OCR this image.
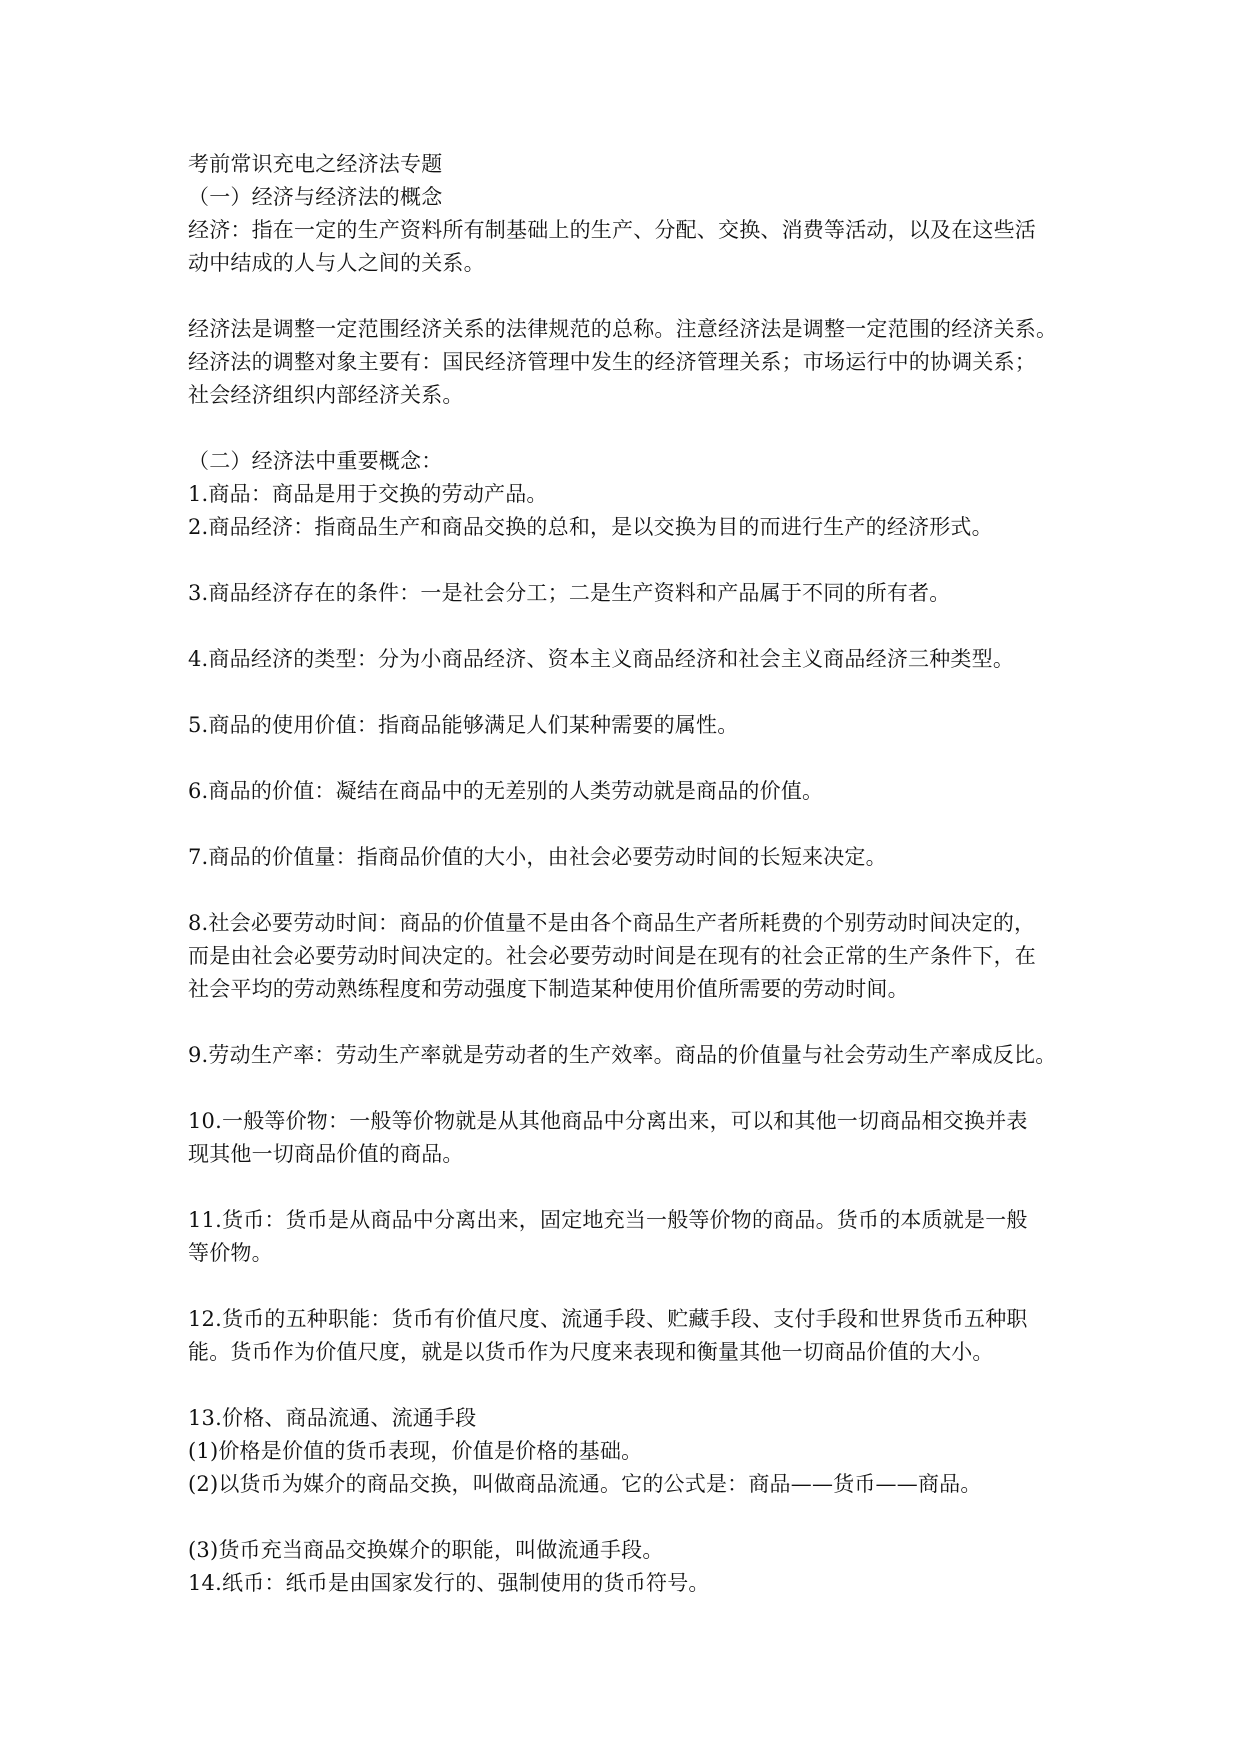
考前常识充电之经济法专题
（一）经济与经济法的概念
经济：指在一定的生产资料所有制基础上的生产、分配、交换、消费等活动，以及在这些活
动中结成的人与人之间的关系。
经济法是调整一定范围经济关系的法律规范的总称。注意经济法是调整一定范围的经济关系。
经济法的调整对象主要有：国民经济管理中发生的经济管理关系；市场运行中的协调关系；
社会经济组织内部经济关系。
（二）经济法中重要概念：
1.商品：商品是用于交换的劳动产品。
2.商品经济：指商品生产和商品交换的总和，是以交换为目的而进行生产的经济形式。
3.商品经济存在的条件：一是社会分工；二是生产资料和产品属于不同的所有者。
4.商品经济的类型：分为小商品经济、资本主义商品经济和社会主义商品经济三种类型。
5.商品的使用价值：指商品能够满足人们某种需要的属性。
6.商品的价值：凝结在商品中的无差别的人类劳动就是商品的价值。
7.商品的价值量：指商品价值的大小，由社会必要劳动时间的长短来决定。
8.社会必要劳动时间：商品的价值量不是由各个商品生产者所耗费的个别劳动时间决定的，
而是由社会必要劳动时间决定的。社会必要劳动时间是在现有的社会正常的生产条件下，在
社会平均的劳动熟练程度和劳动强度下制造某种使用价值所需要的劳动时间。
9.劳动生产率：劳动生产率就是劳动者的生产效率。商品的价值量与社会劳动生产率成反比。
10.一般等价物：一般等价物就是从其他商品中分离出来，可以和其他一切商品相交换并表
现其他一切商品价值的商品。
11.货币：货币是从商品中分离出来，固定地充当一般等价物的商品。货币的本质就是一般
等价物。
12.货币的五种职能：货币有价值尺度、流通手段、贮藏手段、支付手段和世界货币五种职
能。货币作为价值尺度，就是以货币作为尺度来表现和衡量其他一切商品价值的大小。
13.价格、商品流通、流通手段
(1)价格是价值的货币表现，价值是价格的基础。
(2)以货币为媒介的商品交换，叫做商品流通。它的公式是：商品——货币——商品。
(3)货币充当商品交换媒介的职能，叫做流通手段。
14.纸币：纸币是由国家发行的、强制使用的货币符号。
